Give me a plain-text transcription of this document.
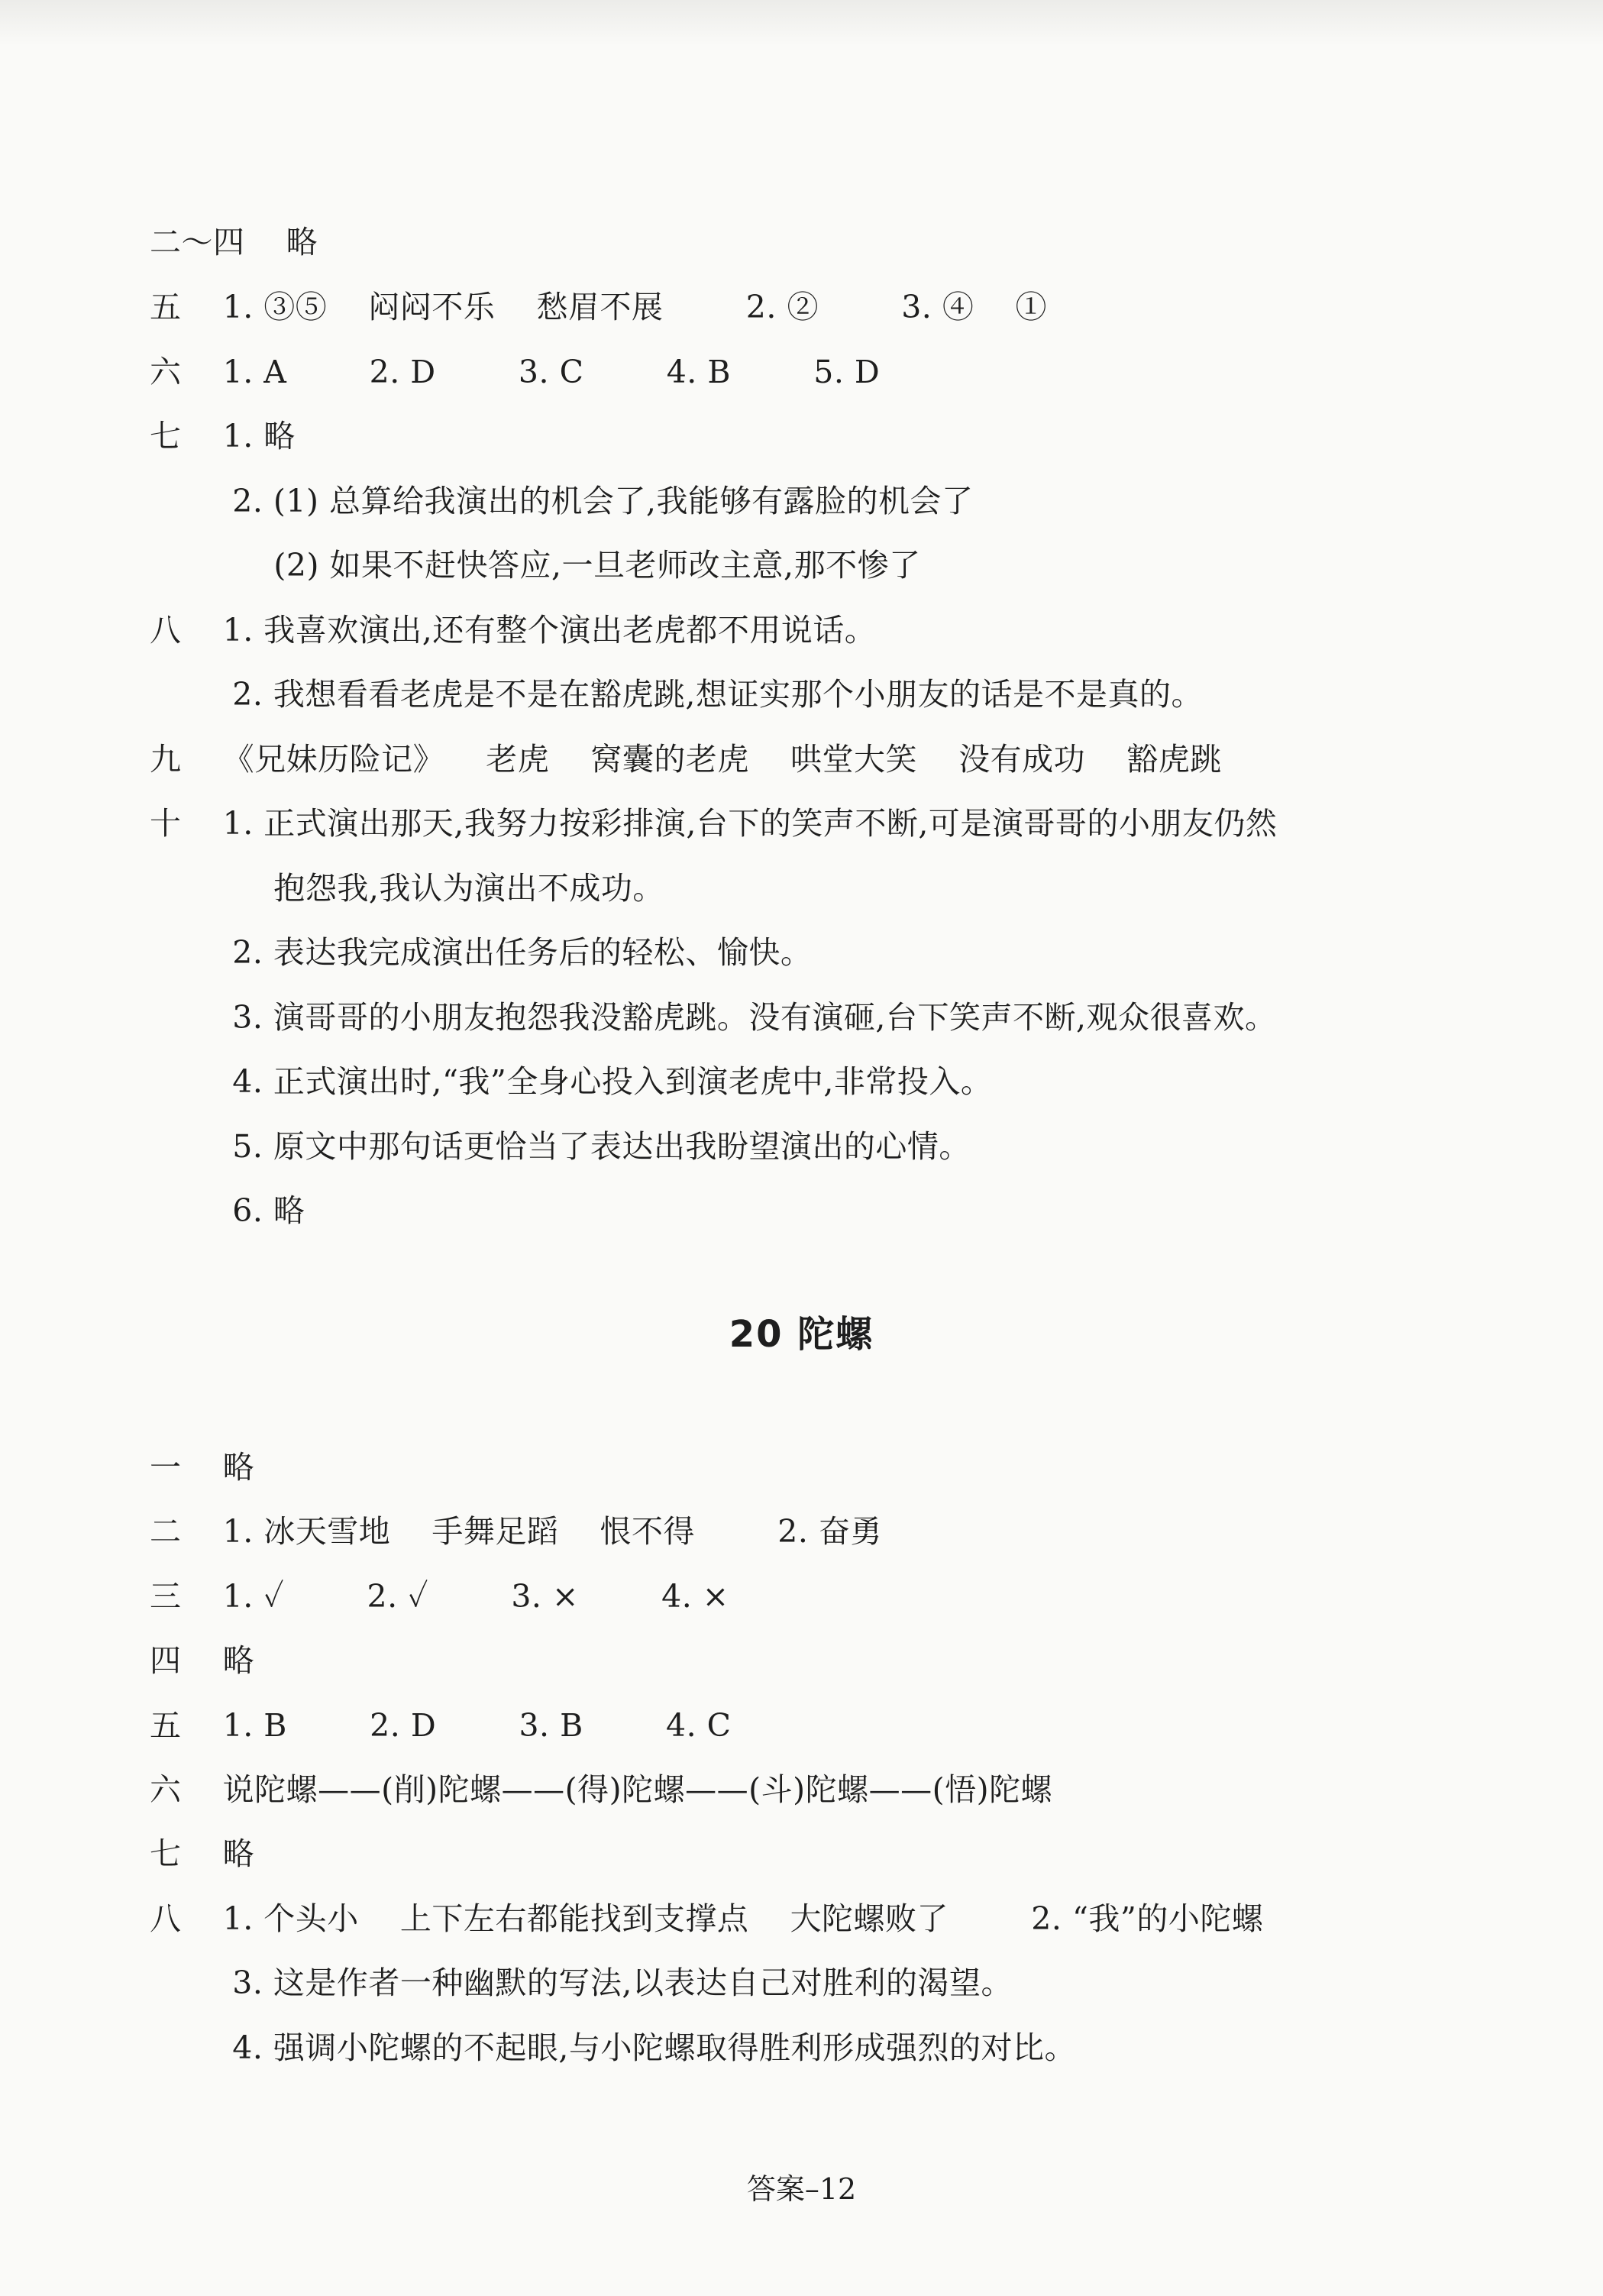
二～四    略
五    1. ③⑤    闷闷不乐    愁眉不展        2. ②        3. ④    ①
六    1. A        2. D        3. C        4. B        5. D
七    1. 略
2. (1) 总算给我演出的机会了,我能够有露脸的机会了
(2) 如果不赶快答应,一旦老师改主意,那不惨了
八    1. 我喜欢演出,还有整个演出老虎都不用说话。
2. 我想看看老虎是不是在豁虎跳,想证实那个小朋友的话是不是真的。
九    《兄妹历险记》    老虎    窝囊的老虎    哄堂大笑    没有成功    豁虎跳
十    1. 正式演出那天,我努力按彩排演,台下的笑声不断,可是演哥哥的小朋友仍然
抱怨我,我认为演出不成功。
2. 表达我完成演出任务后的轻松、愉快。
3. 演哥哥的小朋友抱怨我没豁虎跳。没有演砸,台下笑声不断,观众很喜欢。
4. 正式演出时,“我”全身心投入到演老虎中,非常投入。
5. 原文中那句话更恰当了表达出我盼望演出的心情。
6. 略
20 陀螺
一    略
二    1. 冰天雪地    手舞足蹈    恨不得        2. 奋勇
三    1. ✓        2. ✓        3. ×        4. ×
四    略
五    1. B        2. D        3. B        4. C
六    说陀螺——(削)陀螺——(得)陀螺——(斗)陀螺——(悟)陀螺
七    略
八    1. 个头小    上下左右都能找到支撑点    大陀螺败了        2. “我”的小陀螺
3. 这是作者一种幽默的写法,以表达自己对胜利的渴望。
4. 强调小陀螺的不起眼,与小陀螺取得胜利形成强烈的对比。
答案–12
